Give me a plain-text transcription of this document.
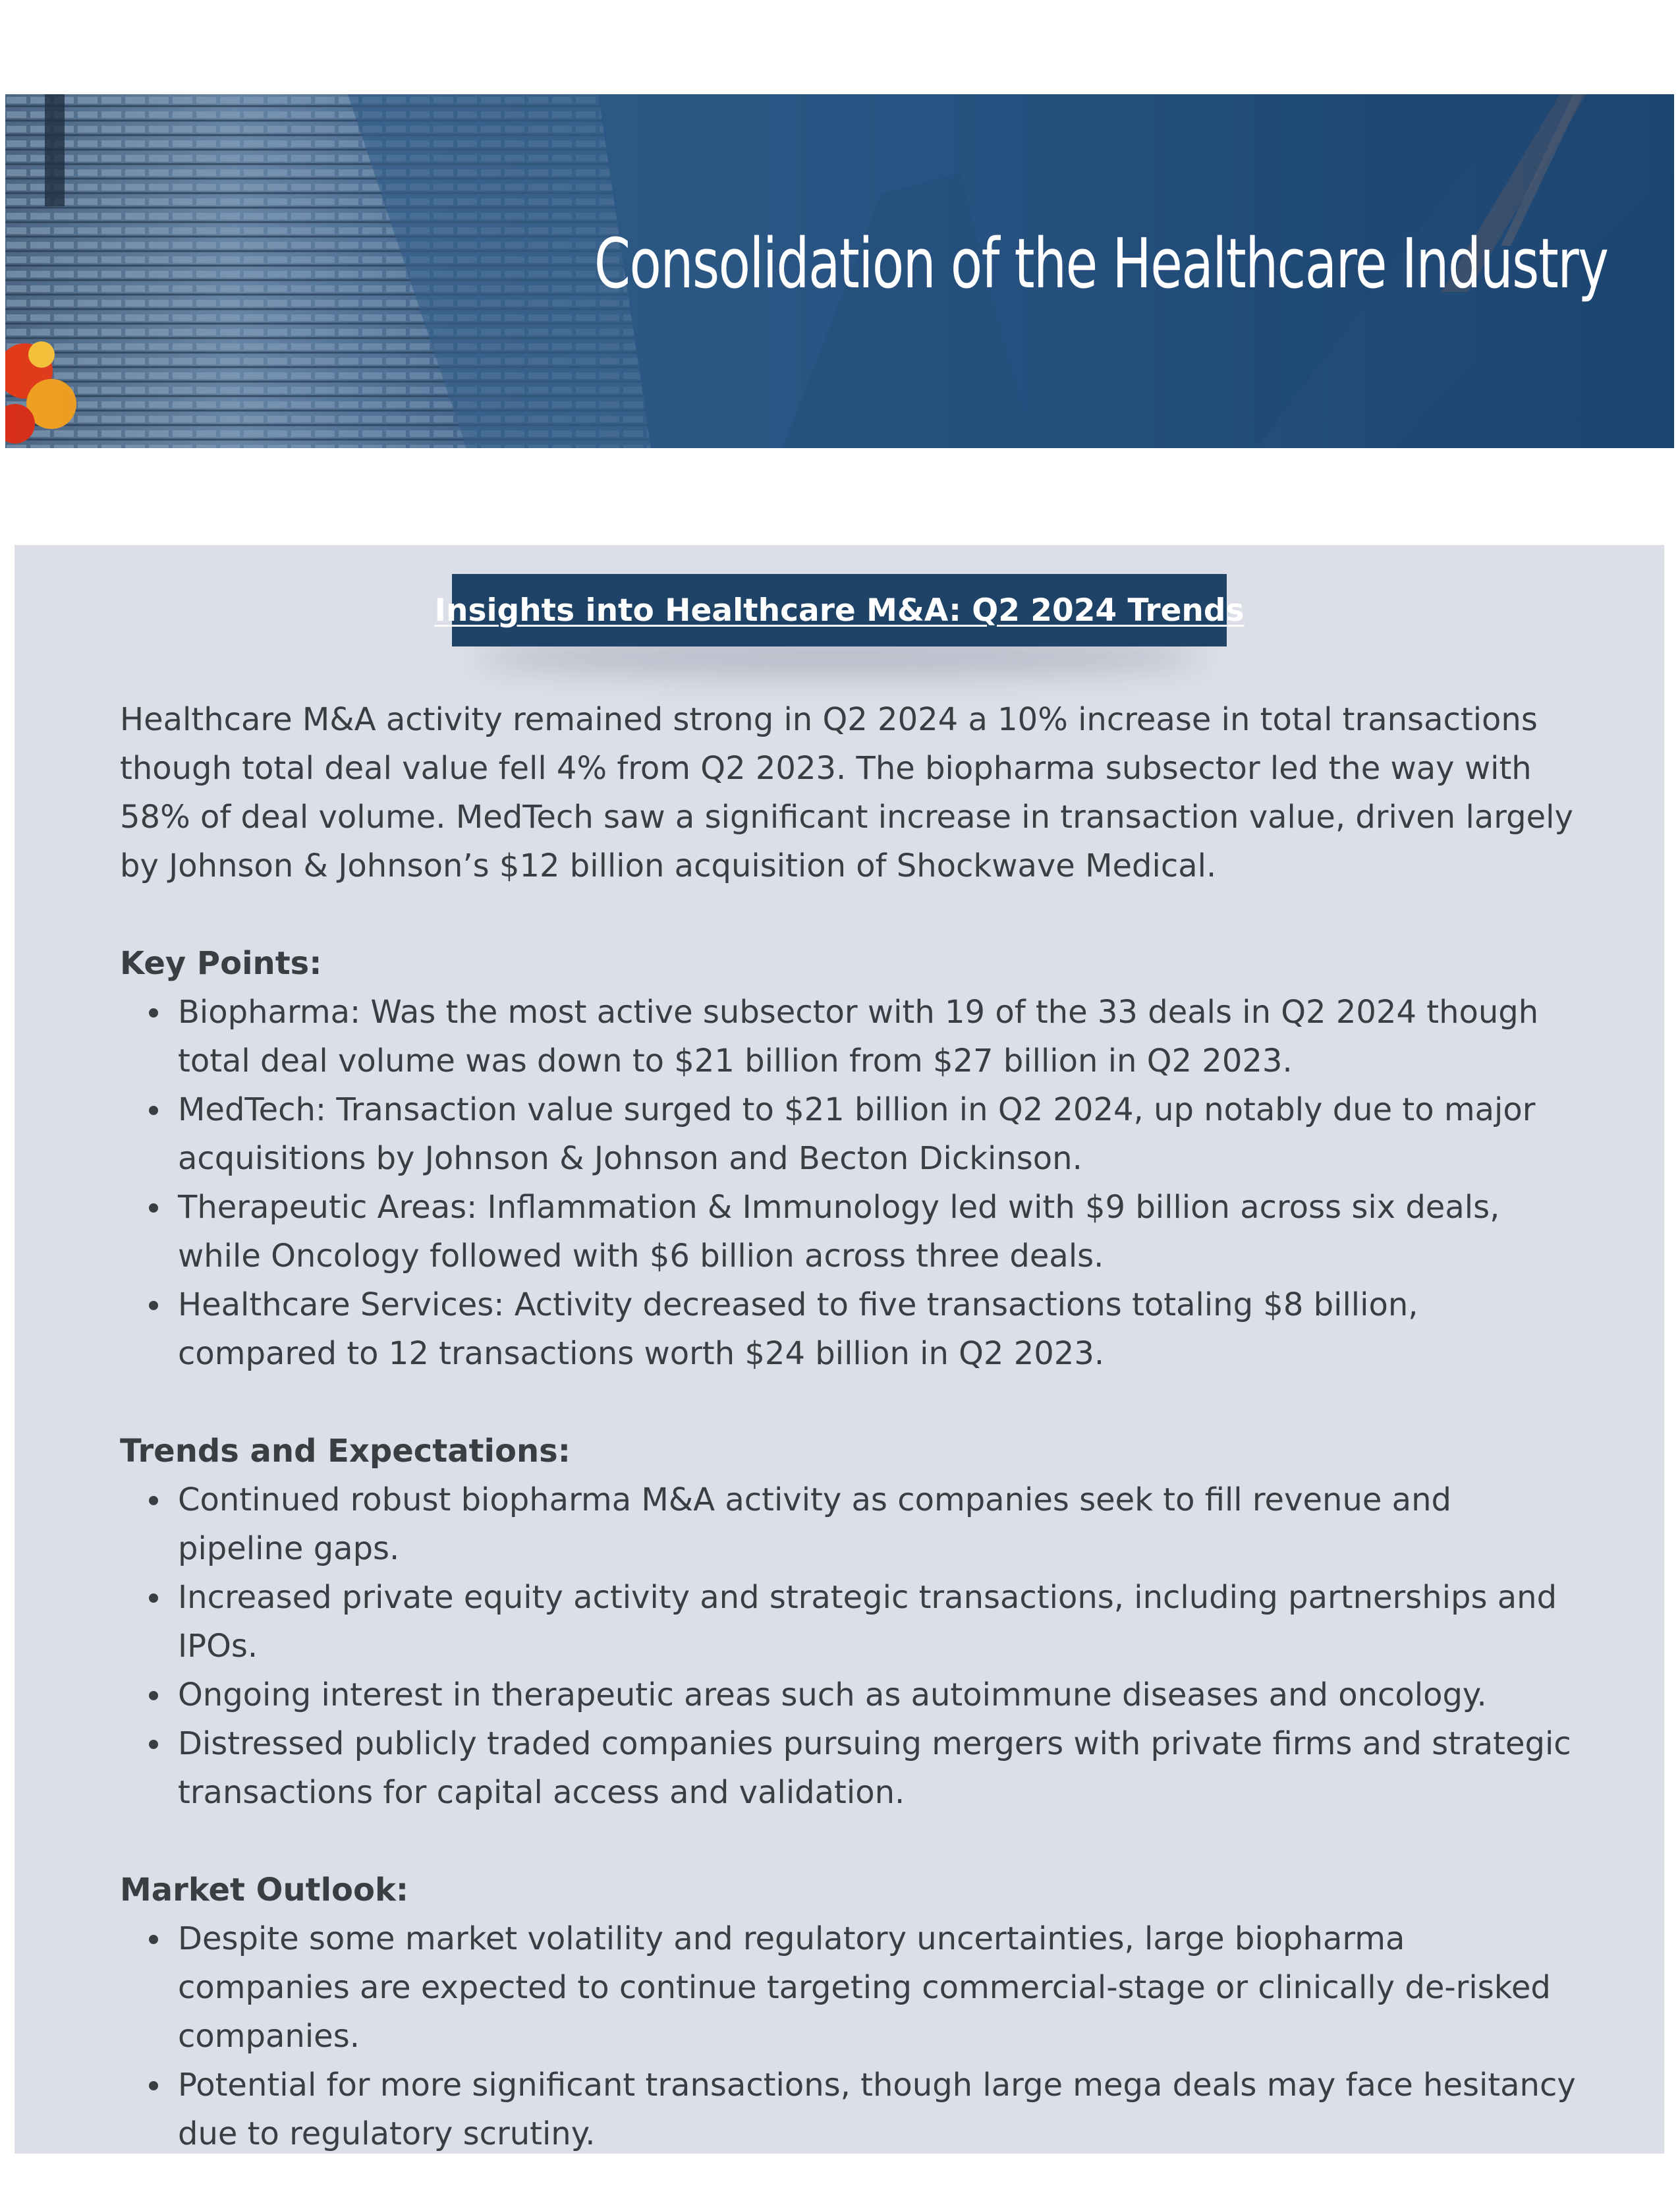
Consolidation of the Healthcare Industry
Insights into Healthcare M&A: Q2 2024 Trends

Healthcare M&A activity remained strong in Q2 2024 a 10% increase in total transactions though total deal value fell 4% from Q2 2023. The biopharma subsector led the way with 58% of deal volume. MedTech saw a significant increase in transaction value, driven largely by Johnson & Johnson’s $12 billion acquisition of Shockwave Medical.

Key Points:

Biopharma: Was the most active subsector with 19 of the 33 deals in Q2 2024 though total deal volume was down to $21 billion from $27 billion in Q2 2023.
MedTech: Transaction value surged to $21 billion in Q2 2024, up notably due to major acquisitions by Johnson & Johnson and Becton Dickinson.
Therapeutic Areas: Inflammation & Immunology led with $9 billion across six deals, while Oncology followed with $6 billion across three deals.
Healthcare Services: Activity decreased to five transactions totaling $8 billion, compared to 12 transactions worth $24 billion in Q2 2023.

Trends and Expectations:

Continued robust biopharma M&A activity as companies seek to fill revenue and pipeline gaps.
Increased private equity activity and strategic transactions, including partnerships and IPOs.
Ongoing interest in therapeutic areas such as autoimmune diseases and oncology.
Distressed publicly traded companies pursuing mergers with private firms and strategic transactions for capital access and validation.

Market Outlook:

Despite some market volatility and regulatory uncertainties, large biopharma companies are expected to continue targeting commercial-stage or clinically de-risked companies.
Potential for more significant transactions, though large mega deals may face hesitancy due to regulatory scrutiny.
